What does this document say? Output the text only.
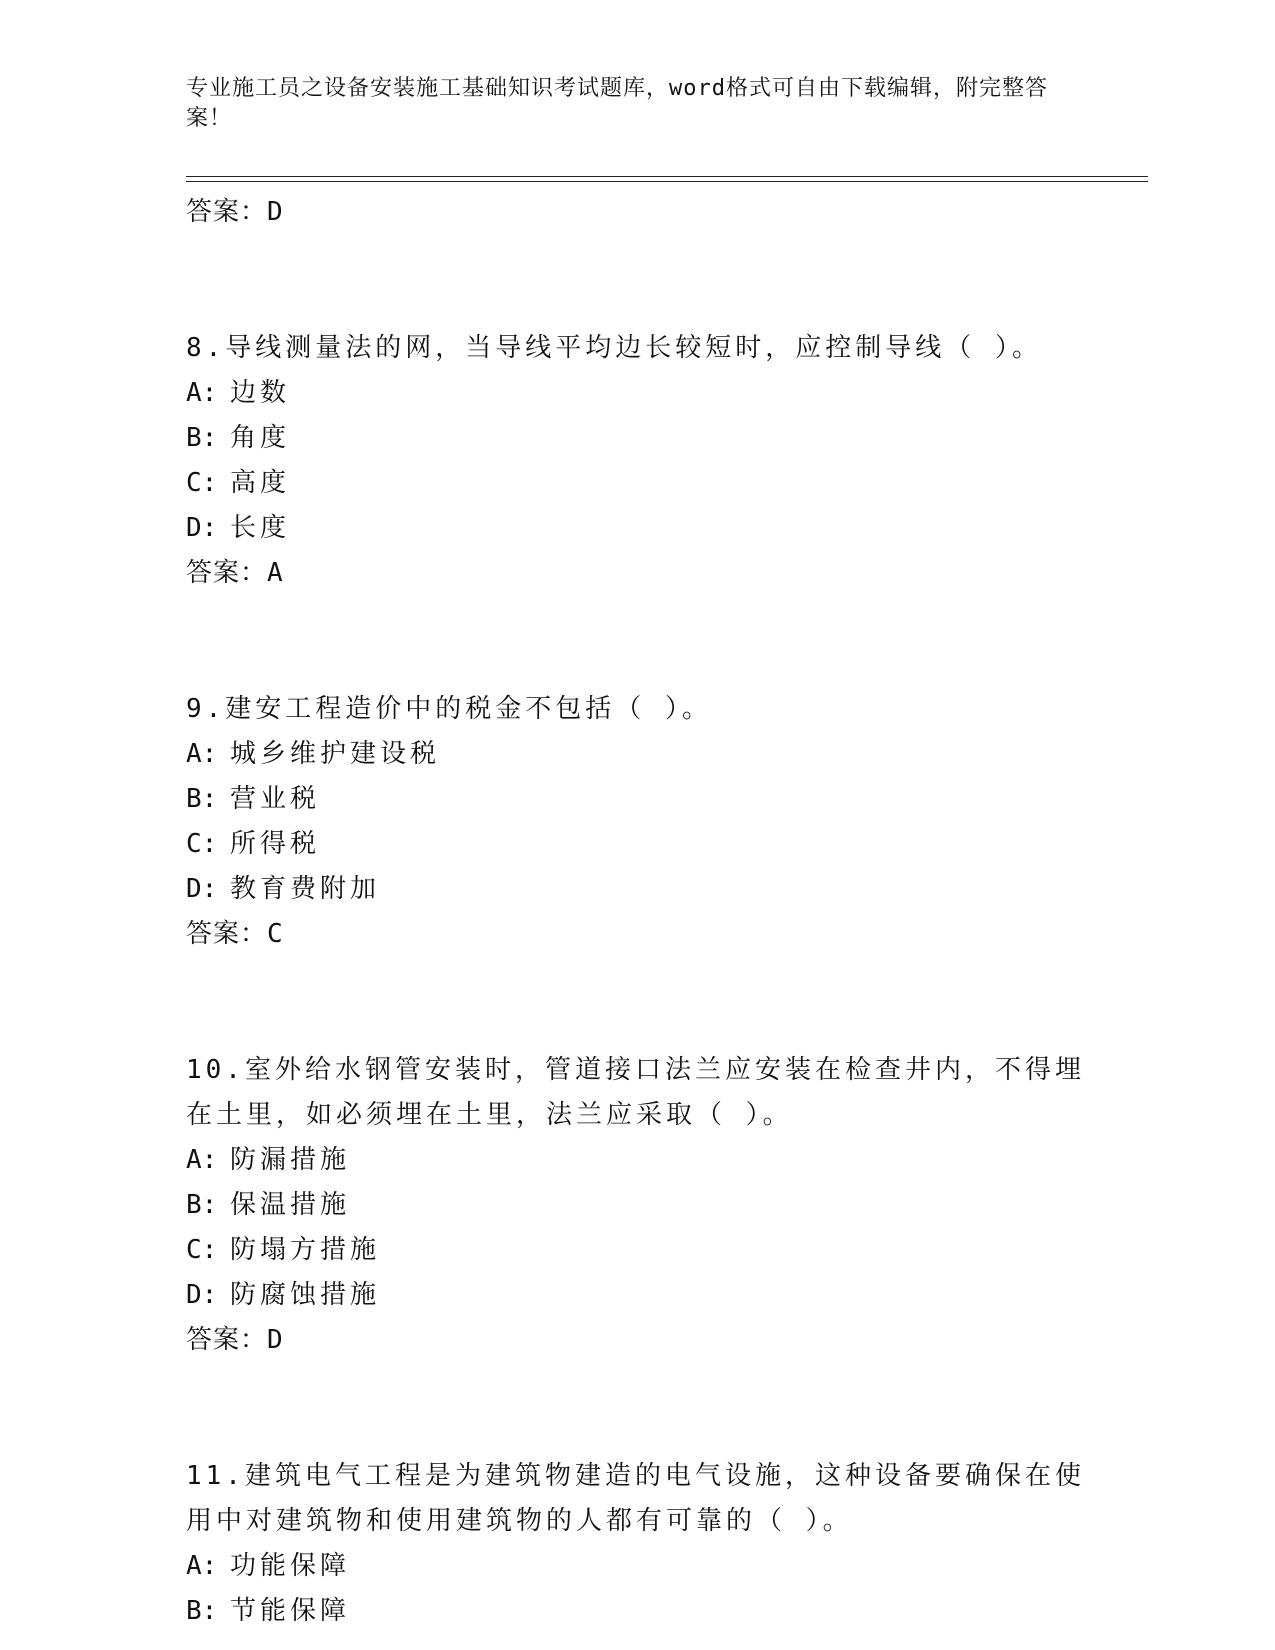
专业施工员之设备安装施工基础知识考试题库，word格式可自由下载编辑，附完整答案！
答案：D
8.导线测量法的网，当导线平均边长较短时，应控制导线（ ）。
A: 边数
B: 角度
C: 高度
D: 长度
答案：A
9.建安工程造价中的税金不包括（ ）。
A: 城乡维护建设税
B: 营业税
C: 所得税
D: 教育费附加
答案：C
10.室外给水钢管安装时，管道接口法兰应安装在检查井内，不得埋在土里，如必须埋在土里，法兰应采取（ ）。
A: 防漏措施
B: 保温措施
C: 防塌方措施
D: 防腐蚀措施
答案：D
11.建筑电气工程是为建筑物建造的电气设施，这种设备要确保在使用中对建筑物和使用建筑物的人都有可靠的（ ）。
A: 功能保障
B: 节能保障
